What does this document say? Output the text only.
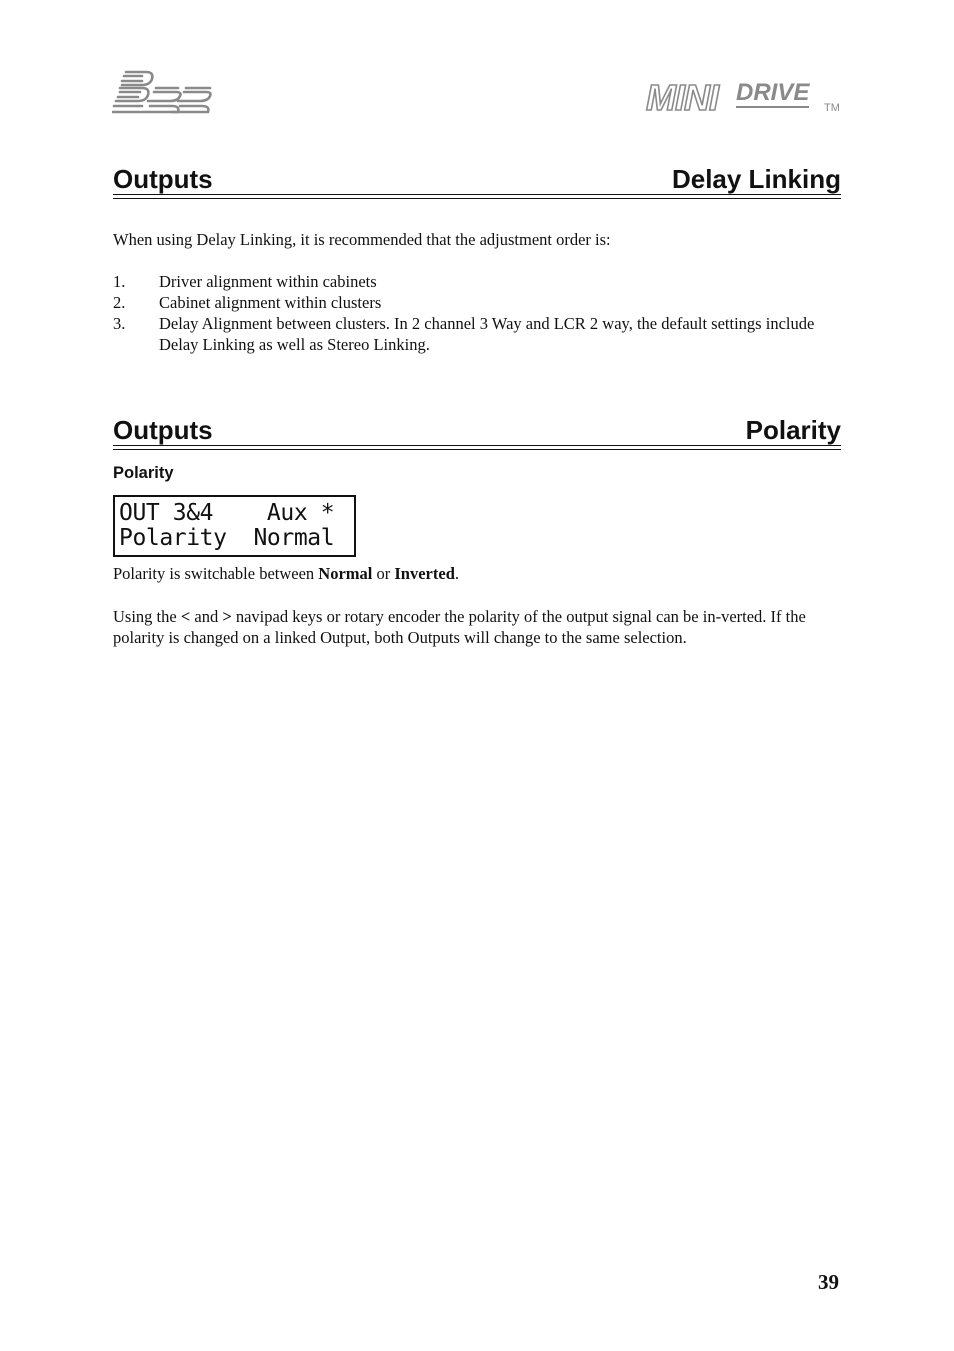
MINI DRIVE
TM
Outputs	Delay Linking
When using Delay Linking, it is recommended that the adjustment order is:
1. Driver alignment within cabinets
2. Cabinet alignment within clusters
3. Delay Alignment between clusters. In 2 channel 3 Way and LCR 2 way, the default settings include Delay Linking as well as Stereo Linking.
Outputs	Polarity
Polarity
OUT 3&4    Aux *
Polarity  Normal
Polarity is switchable between Normal or Inverted.
Using the < and > navipad keys or rotary encoder the polarity of the output signal can be in-verted. If the polarity is changed on a linked Output, both Outputs will change to the same selection.
39
